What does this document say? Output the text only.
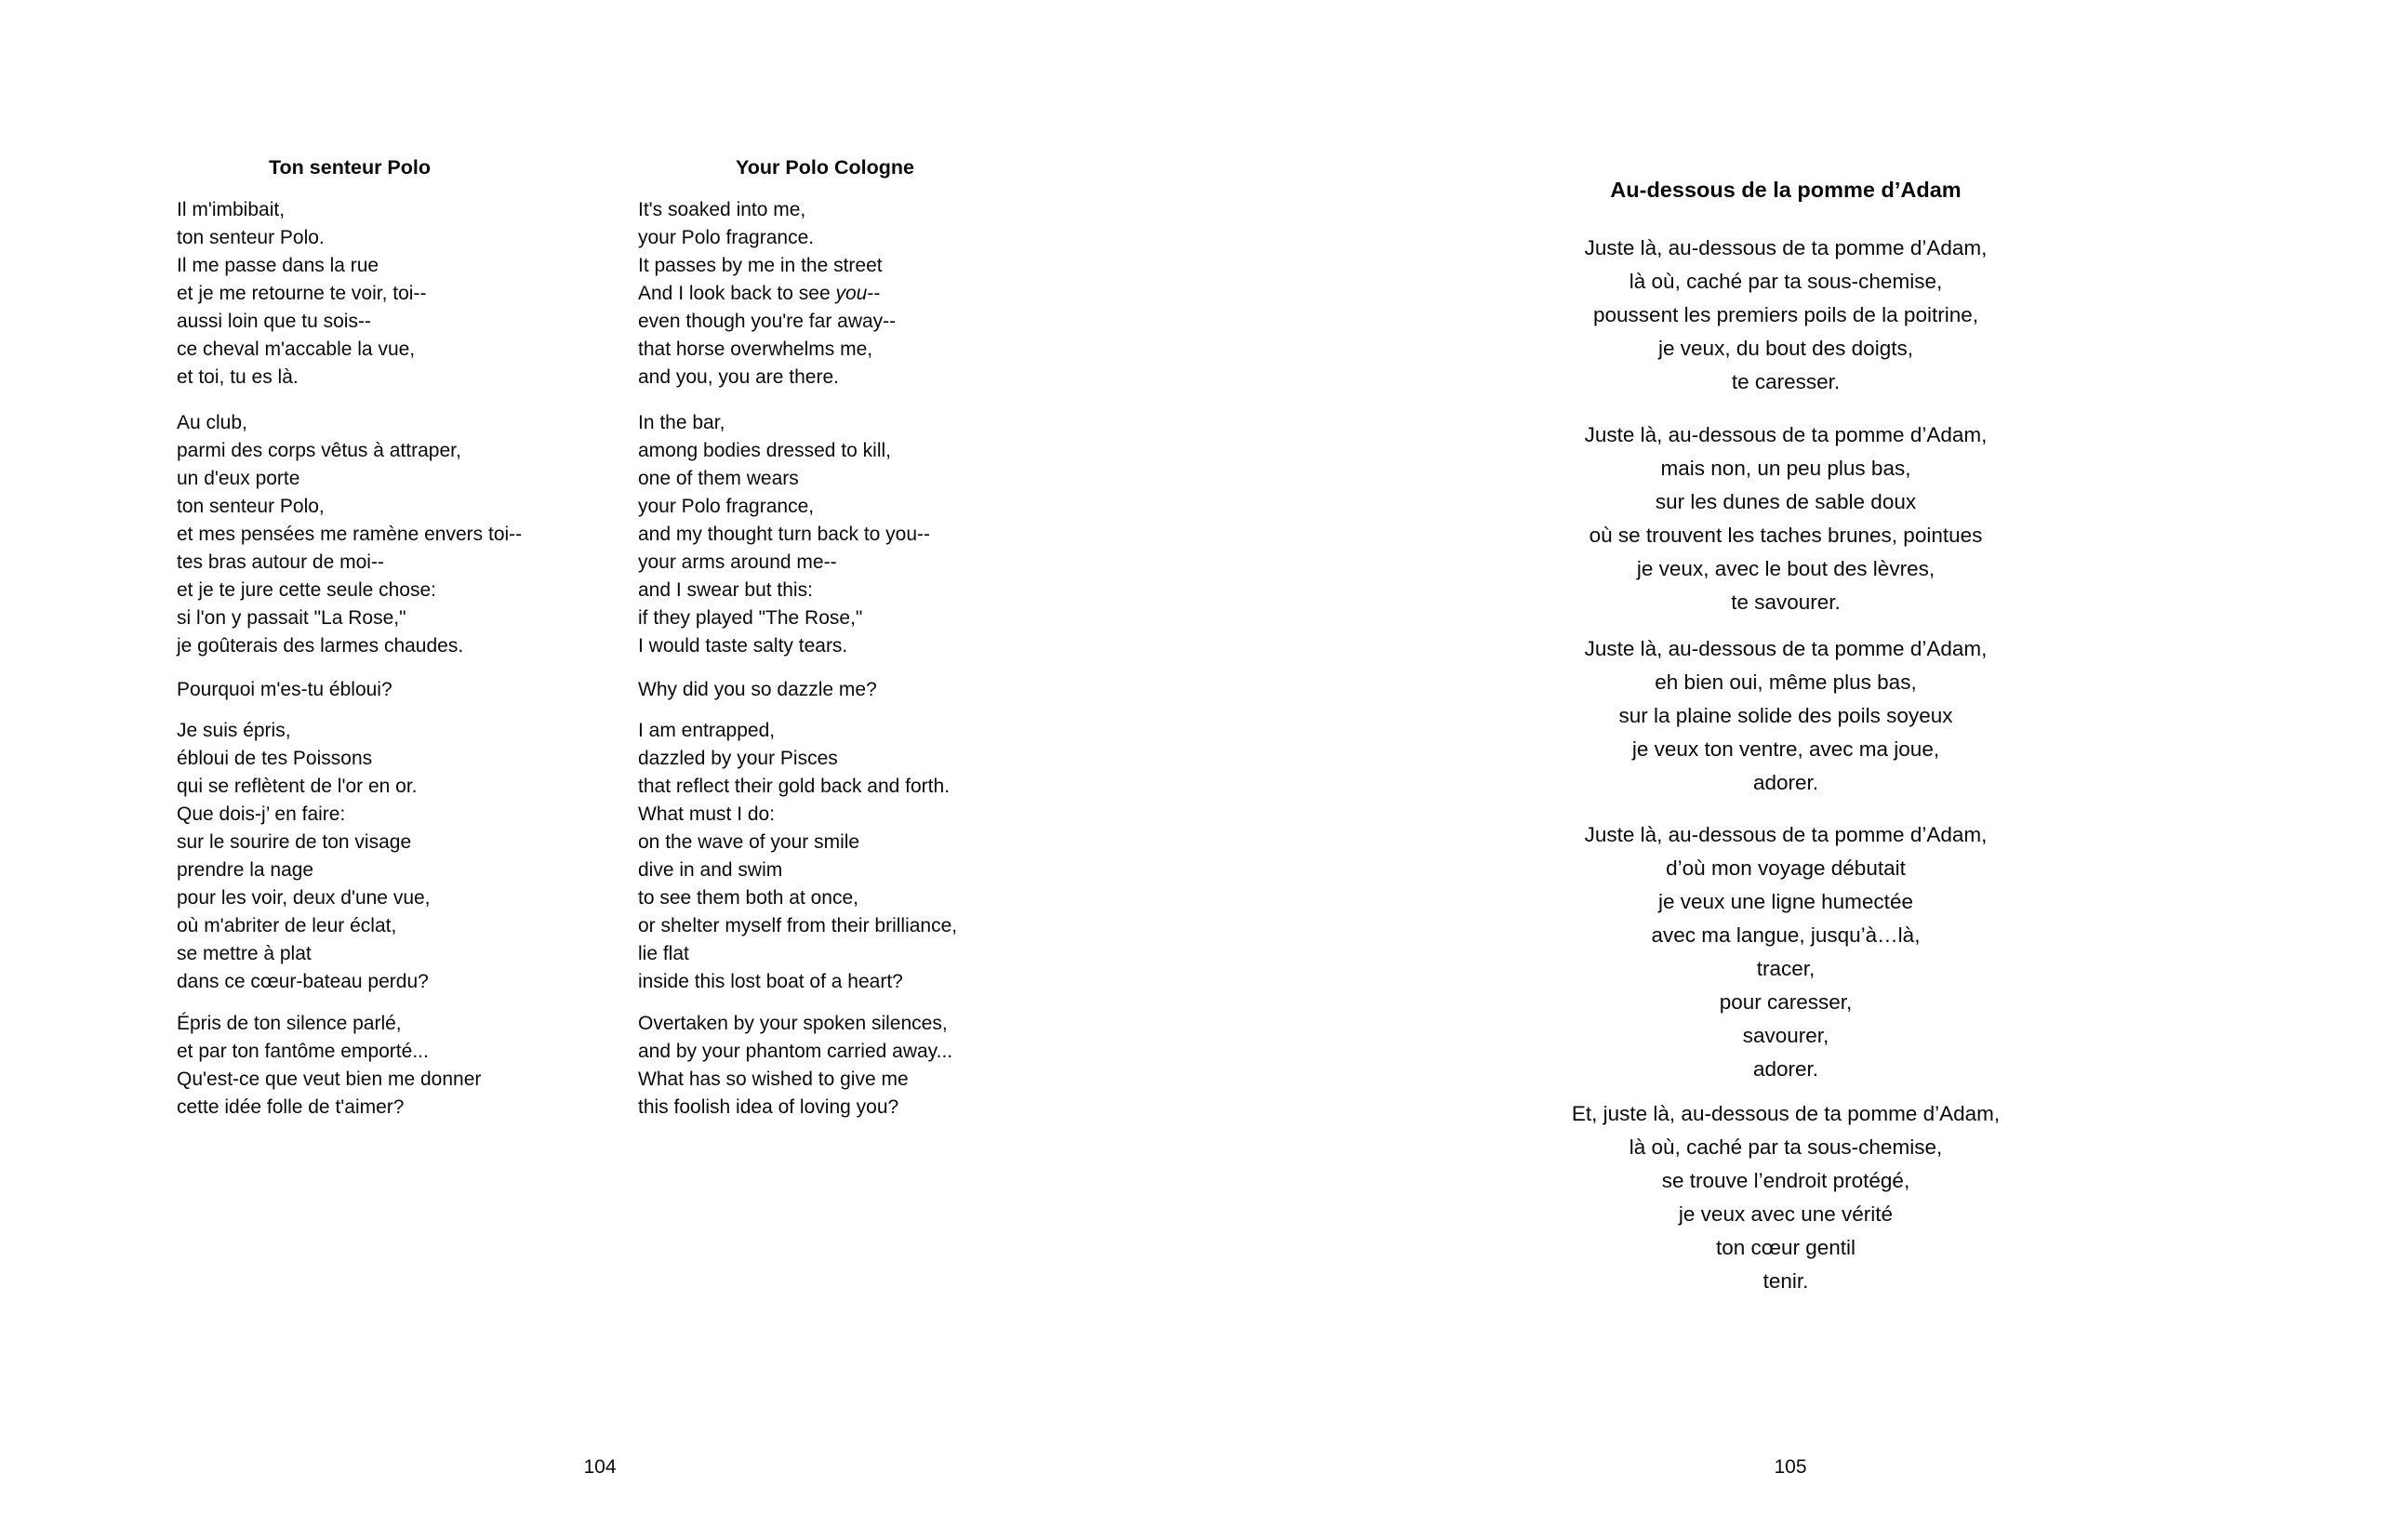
Ton senteur Polo
Il m'imbibait,
ton senteur Polo.
Il me passe dans la rue
et je me retourne te voir, toi--
aussi loin que tu sois--
ce cheval m'accable la vue,
et toi, tu es là.
Au club,
parmi des corps vêtus à attraper,
un d'eux porte
ton senteur Polo,
et mes pensées me ramène envers toi--
tes bras autour de moi--
et je te jure cette seule chose:
si l'on y passait "La Rose,"
je goûterais des larmes chaudes.
Pourquoi m'es-tu ébloui?
Je suis épris,
ébloui de tes Poissons
qui se reflètent de l'or en or.
Que dois-j’ en faire:
sur le sourire de ton visage
prendre la nage
pour les voir, deux d'une vue,
où m'abriter de leur éclat,
se mettre à plat
dans ce cœur-bateau perdu?
Épris de ton silence parlé,
et par ton fantôme emporté...
Qu'est-ce que veut bien me donner
cette idée folle de t'aimer?
Your Polo Cologne
It's soaked into me,
your Polo fragrance.
It passes by me in the street
And I look back to see you--
even though you're far away--
that horse overwhelms me,
and you, you are there.
In the bar,
among bodies dressed to kill,
one of them wears
your Polo fragrance,
and my thought turn back to you--
your arms around me--
and I swear but this:
if they played "The Rose,"
I would taste salty tears.
Why did you so dazzle me?
I am entrapped,
dazzled by your Pisces
that reflect their gold back and forth.
What must I do:
on the wave of your smile
dive in and swim
to see them both at once,
or shelter myself from their brilliance,
lie flat
inside this lost boat of a heart?
Overtaken by your spoken silences,
and by your phantom carried away...
What has so wished to give me
this foolish idea of loving you?
104
Au-dessous de la pomme d’Adam
Juste là, au-dessous de ta pomme d’Adam,
là où, caché par ta sous-chemise,
poussent les premiers poils de la poitrine,
je veux, du bout des doigts,
te caresser.
Juste là, au-dessous de ta pomme d’Adam,
mais non, un peu plus bas,
sur les dunes de sable doux
où se trouvent les taches brunes, pointues
je veux, avec le bout des lèvres,
te savourer.
Juste là, au-dessous de ta pomme d’Adam,
eh bien oui, même plus bas,
sur la plaine solide des poils soyeux
je veux ton ventre, avec ma joue,
adorer.
Juste là, au-dessous de ta pomme d’Adam,
d’où mon voyage débutait
je veux une ligne humectée
avec ma langue, jusqu’à…là,
tracer,
pour caresser,
savourer,
adorer.
Et, juste là, au-dessous de ta pomme d’Adam,
là où, caché par ta sous-chemise,
se trouve l’endroit protégé,
je veux avec une vérité
ton cœur gentil
tenir.
105
